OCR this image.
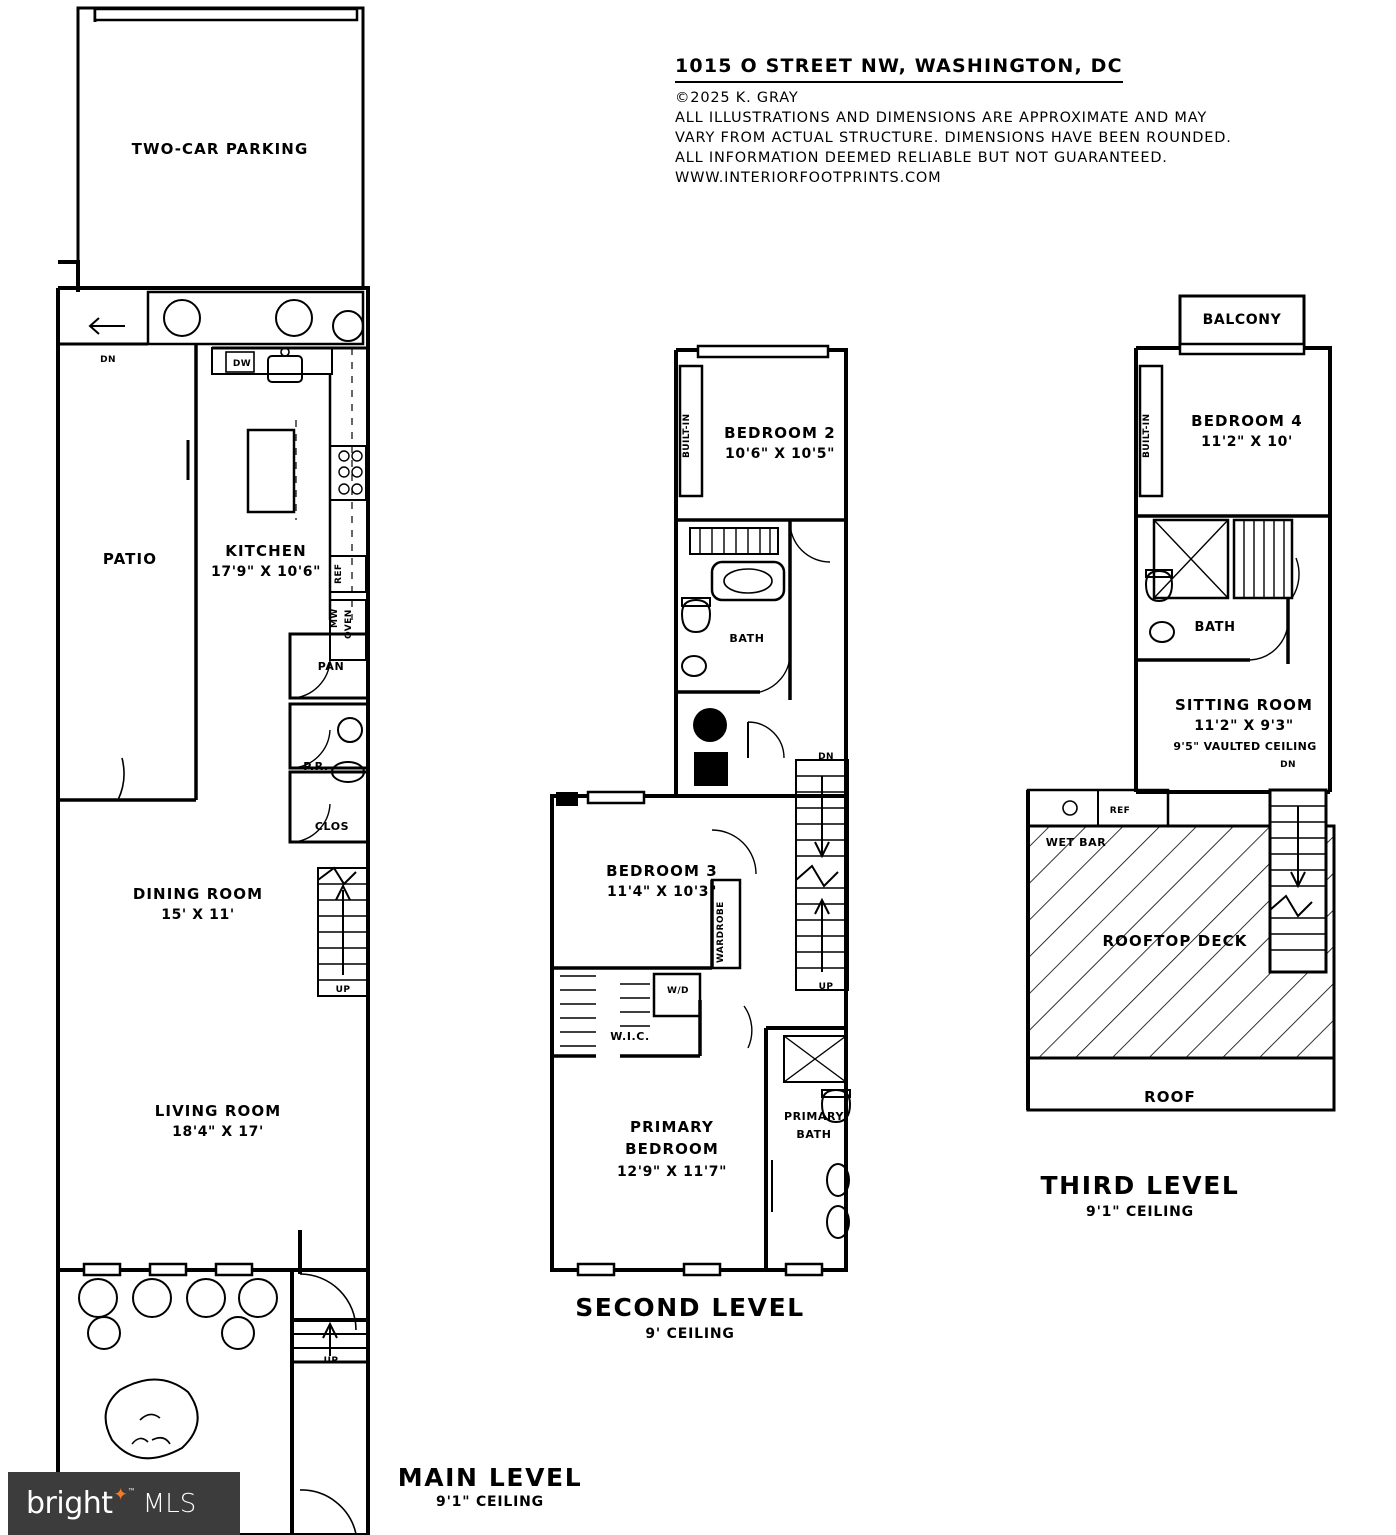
1015 O STREET NW, WASHINGTON, DC
©2025 K. GRAY
ALL ILLUSTRATIONS AND DIMENSIONS ARE APPROXIMATE AND MAY
VARY FROM ACTUAL STRUCTURE. DIMENSIONS HAVE BEEN ROUNDED.
ALL INFORMATION DEEMED RELIABLE BUT NOT GUARANTEED.
WWW.INTERIORFOOTPRINTS.COM
TWO-CAR PARKING
PATIO	KITCHEN
17'9" X 10'6"
DINING ROOM
15' X 11'
LIVING ROOM
18'4" X 17'
DN	DW
REF
MW OVEN
PAN
P.R.
CLOS
UP
UP
MAIN LEVEL
9'1" CEILING
BEDROOM 2
10'6" X 10'5"
BUILT-IN
BATH
DN
UP
BEDROOM 3
11'4" X 10'3"
WARDROBE
W/D
W.I.C.
PRIMARY
BEDROOM
12'9" X 11'7"
PRIMARY
BATH
SECOND LEVEL
9' CEILING
BALCONY
BEDROOM 4
11'2" X 10'
BUILT-IN
BATH
SITTING ROOM
11'2" X 9'3"
9'5" VAULTED CEILING
DN
WET BAR
REF
ROOFTOP DECK
ROOF
THIRD LEVEL
9'1" CEILING
bright ✦ ™ MLS
